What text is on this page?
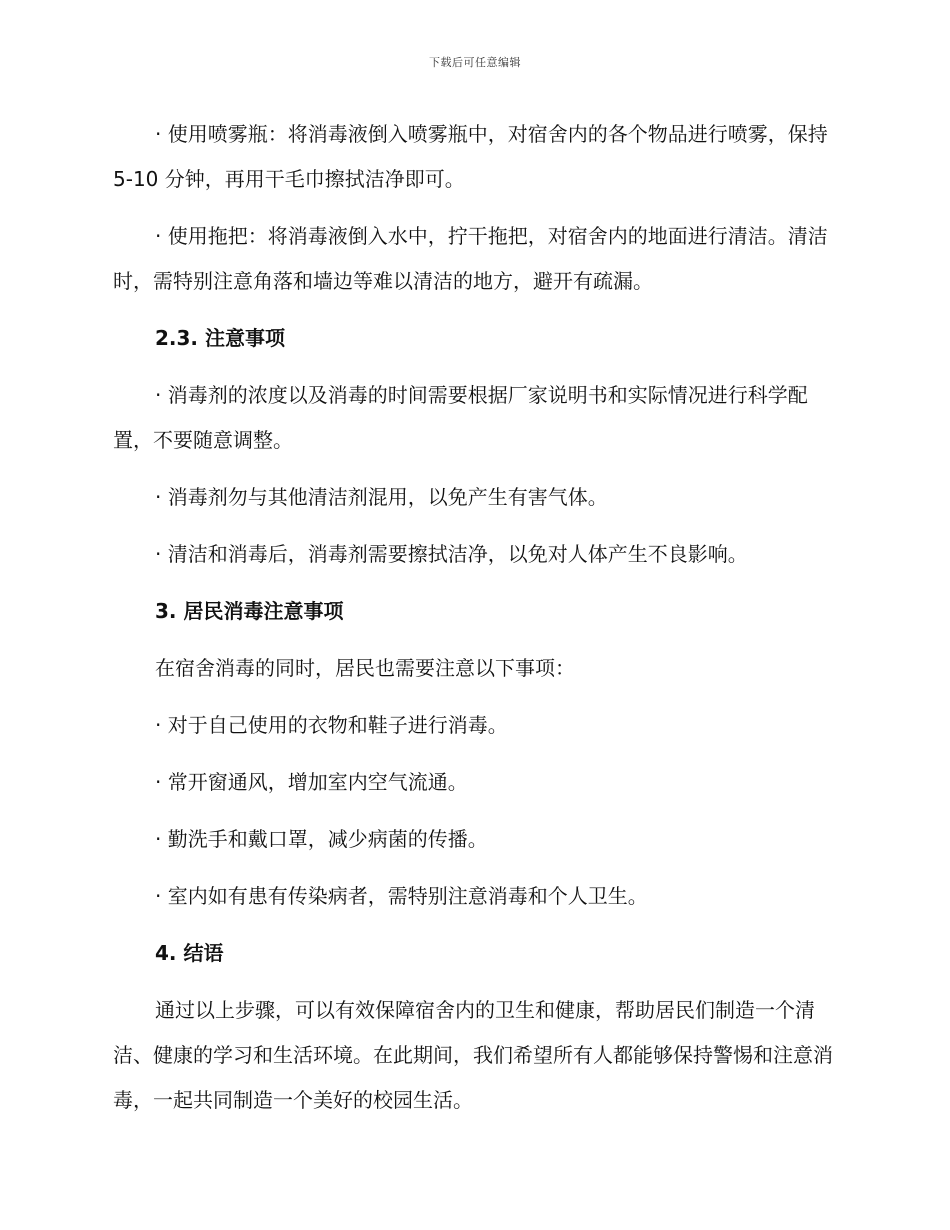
下载后可任意编辑

· 使用喷雾瓶：将消毒液倒入喷雾瓶中，对宿舍内的各个物品进行喷雾，保持 5-10 分钟，再用干毛巾擦拭洁净即可。

· 使用拖把：将消毒液倒入水中，拧干拖把，对宿舍内的地面进行清洁。清洁时，需特别注意角落和墙边等难以清洁的地方，避开有疏漏。

2.3. 注意事项

· 消毒剂的浓度以及消毒的时间需要根据厂家说明书和实际情况进行科学配置，不要随意调整。

· 消毒剂勿与其他清洁剂混用，以免产生有害气体。

· 清洁和消毒后，消毒剂需要擦拭洁净，以免对人体产生不良影响。

3. 居民消毒注意事项

在宿舍消毒的同时，居民也需要注意以下事项：

· 对于自己使用的衣物和鞋子进行消毒。

· 常开窗通风，增加室内空气流通。

· 勤洗手和戴口罩，减少病菌的传播。

· 室内如有患有传染病者，需特别注意消毒和个人卫生。

4. 结语

通过以上步骤，可以有效保障宿舍内的卫生和健康，帮助居民们制造一个清洁、健康的学习和生活环境。在此期间，我们希望所有人都能够保持警惕和注意消毒，一起共同制造一个美好的校园生活。
